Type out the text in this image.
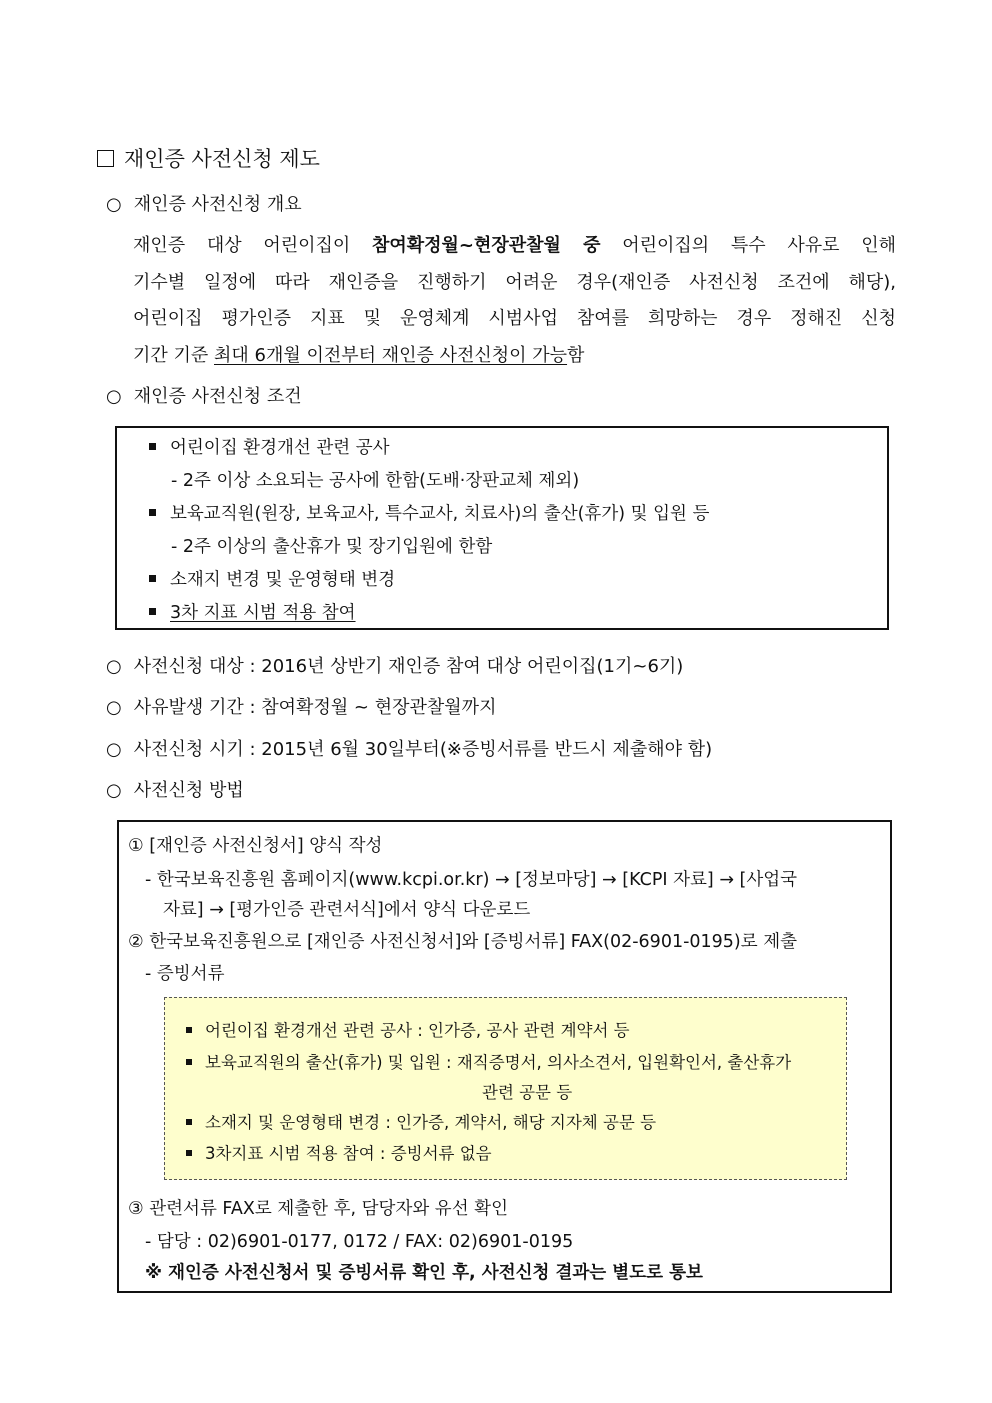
재인증 사전신청 제도
○ 재인증 사전신청 개요

재인증 대상 어린이집이 참여확정월~현장관찰월 중 어린이집의 특수 사유로 인해

기수별 일정에 따라 재인증을 진행하기 어려운 경우(재인증 사전신청 조건에 해당),

어린이집 평가인증 지표 및 운영체계 시범사업 참여를 희망하는 경우 정해진 신청

기간 기준 최대 6개월 이전부터 재인증 사전신청이 가능함

○ 재인증 사전신청 조건
어린이집 환경개선 관련 공사
- 2주 이상 소요되는 공사에 한함(도배·장판교체 제외)
보육교직원(원장, 보육교사, 특수교사, 치료사)의 출산(휴가) 및 입원 등
- 2주 이상의 출산휴가 및 장기입원에 한함
소재지 변경 및 운영형태 변경
3차 지표 시범 적용 참여
○ 사전신청 대상 : 2016년 상반기 재인증 참여 대상 어린이집(1기~6기)
○ 사유발생 기간 : 참여확정월 ~ 현장관찰월까지
○ 사전신청 시기 : 2015년 6월 30일부터(※증빙서류를 반드시 제출해야 함)
○ 사전신청 방법
① [재인증 사전신청서] 양식 작성
- 한국보육진흥원 홈페이지(www.kcpi.or.kr) → [정보마당] → [KCPI 자료] → [사업국
자료] → [평가인증 관련서식]에서 양식 다운로드
② 한국보육진흥원으로 [재인증 사전신청서]와 [증빙서류] FAX(02-6901-0195)로 제출
- 증빙서류
어린이집 환경개선 관련 공사 : 인가증, 공사 관련 계약서 등
보육교직원의 출산(휴가) 및 입원 : 재직증명서, 의사소견서, 입원확인서, 출산휴가
관련 공문 등
소재지 및 운영형태 변경 : 인가증, 계약서, 해당 지자체 공문 등
3차지표 시범 적용 참여 : 증빙서류 없음
③ 관련서류 FAX로 제출한 후, 담당자와 유선 확인
- 담당 : 02)6901-0177, 0172 / FAX: 02)6901-0195
※ 재인증 사전신청서 및 증빙서류 확인 후, 사전신청 결과는 별도로 통보
